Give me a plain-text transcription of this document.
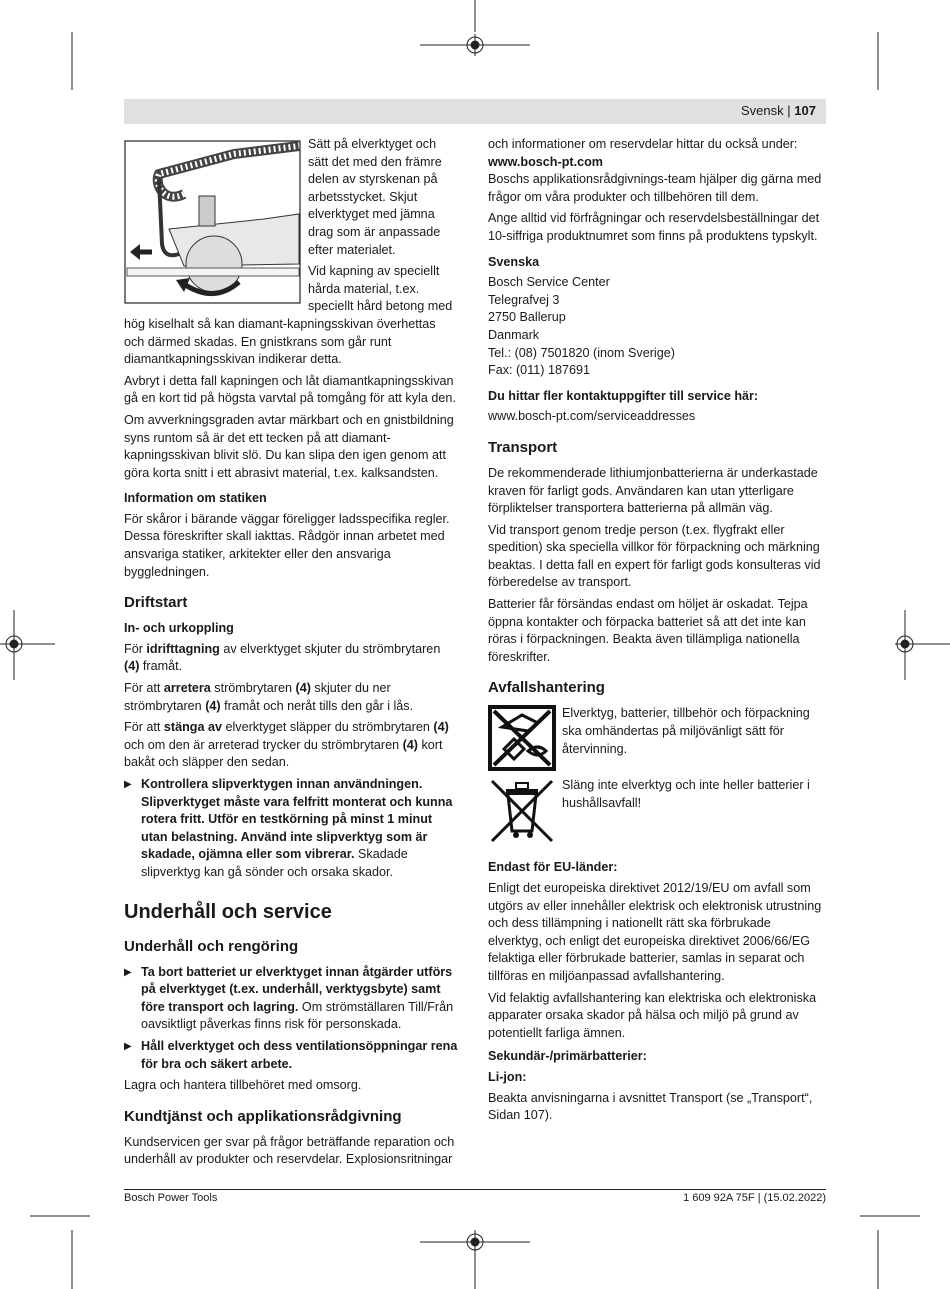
Svensk | 107

Sätt på elverktyget och sätt det med den främre delen av styrskenan på arbetsstycket. Skjut elverktyget med jämna drag som är anpassade efter materialet.

Vid kapning av speciellt hårda material, t.ex. speciellt hård betong med hög kiselhalt så kan diamant-kapningsskivan överhettas och därmed skadas. En gnistkrans som går runt diamantkapningsskivan indikerar detta.

Avbryt i detta fall kapningen och låt diamantkapningsskivan gå en kort tid på högsta varvtal på tomgång för att kyla den.

Om avverkningsgraden avtar märkbart och en gnistbildning syns runtom så är det ett tecken på att diamant-kapningsskivan blivit slö. Du kan slipa den igen genom att göra korta snitt i ett abrasivt material, t.ex. kalksandsten.

Information om statiken

För skåror i bärande väggar föreligger ladsspecifika regler. Dessa föreskrifter skall iakttas. Rådgör innan arbetet med ansvariga statiker, arkitekter eller den ansvariga byggledningen.

Driftstart

In- och urkoppling

För idrifttagning av elverktyget skjuter du strömbrytaren (4) framåt.

För att arretera strömbrytaren (4) skjuter du ner strömbrytaren (4) framåt och neråt tills den går i lås.

För att stänga av elverktyget släpper du strömbrytaren (4) och om den är arreterad trycker du strömbrytaren (4) kort bakåt och släpper den sedan.

▶ Kontrollera slipverktygen innan användningen. Slipverktyget måste vara felfritt monterat och kunna rotera fritt. Utför en testkörning på minst 1 minut utan belastning. Använd inte slipverktyg som är skadade, ojämna eller som vibrerar. Skadade slipverktyg kan gå sönder och orsaka skador.
Underhåll och service
Underhåll och rengöring
▶ Ta bort batteriet ur elverktyget innan åtgärder utförs på elverktyget (t.ex. underhåll, verktygsbyte) samt före transport och lagring. Om strömställaren Till/Från oavsiktligt påverkas finns risk för personskada.
▶ Håll elverktyget och dess ventilationsöppningar rena för bra och säkert arbete.

Lagra och hantera tillbehöret med omsorg.

Kundtjänst och applikationsrådgivning

Kundservicen ger svar på frågor beträffande reparation och underhåll av produkter och reservdelar. Explosionsritningar

och informationer om reservdelar hittar du också under:

www.bosch-pt.com

Boschs applikationsrådgivnings-team hjälper dig gärna med frågor om våra produkter och tillbehören till dem.

Ange alltid vid förfrågningar och reservdelsbeställningar det 10-siffriga produktnumret som finns på produktens typskylt.

Svenska

Bosch Service Center
Telegrafvej 3
2750 Ballerup
Danmark
Tel.: (08) 7501820 (inom Sverige)
Fax: (011) 187691

Du hittar fler kontaktuppgifter till service här:

www.bosch-pt.com/serviceaddresses

Transport

De rekommenderade lithiumjonbatterierna är underkastade kraven för farligt gods. Användaren kan utan ytterligare förpliktelser transportera batterierna på allmän väg.

Vid transport genom tredje person (t.ex. flygfrakt eller spedition) ska speciella villkor för förpackning och märkning beaktas. I detta fall en expert för farligt gods konsulteras vid förberedelse av transport.

Batterier får försändas endast om höljet är oskadat. Tejpa öppna kontakter och förpacka batteriet så att det inte kan röras i förpackningen. Beakta även tillämpliga nationella föreskrifter.

Avfallshantering

Elverktyg, batterier, tillbehör och förpackning ska omhändertas på miljövänligt sätt för återvinning.

Släng inte elverktyg och inte heller batterier i hushållsavfall!

Endast för EU-länder:

Enligt det europeiska direktivet 2012/19/EU om avfall som utgörs av eller innehåller elektrisk och elektronisk utrustning och dess tillämpning i nationellt rätt ska förbrukade elverktyg, och enligt det europeiska direktivet 2006/66/EG felaktiga eller förbrukade batterier, samlas in separat och tillföras en miljöanpassad avfallshantering.

Vid felaktig avfallshantering kan elektriska och elektroniska apparater orsaka skador på hälsa och miljö på grund av potentiellt farliga ämnen.

Sekundär-/primärbatterier:

Li-jon:

Beakta anvisningarna i avsnittet Transport (se „Transport“, Sidan 107).

Bosch Power Tools	1 609 92A 75F | (15.02.2022)
